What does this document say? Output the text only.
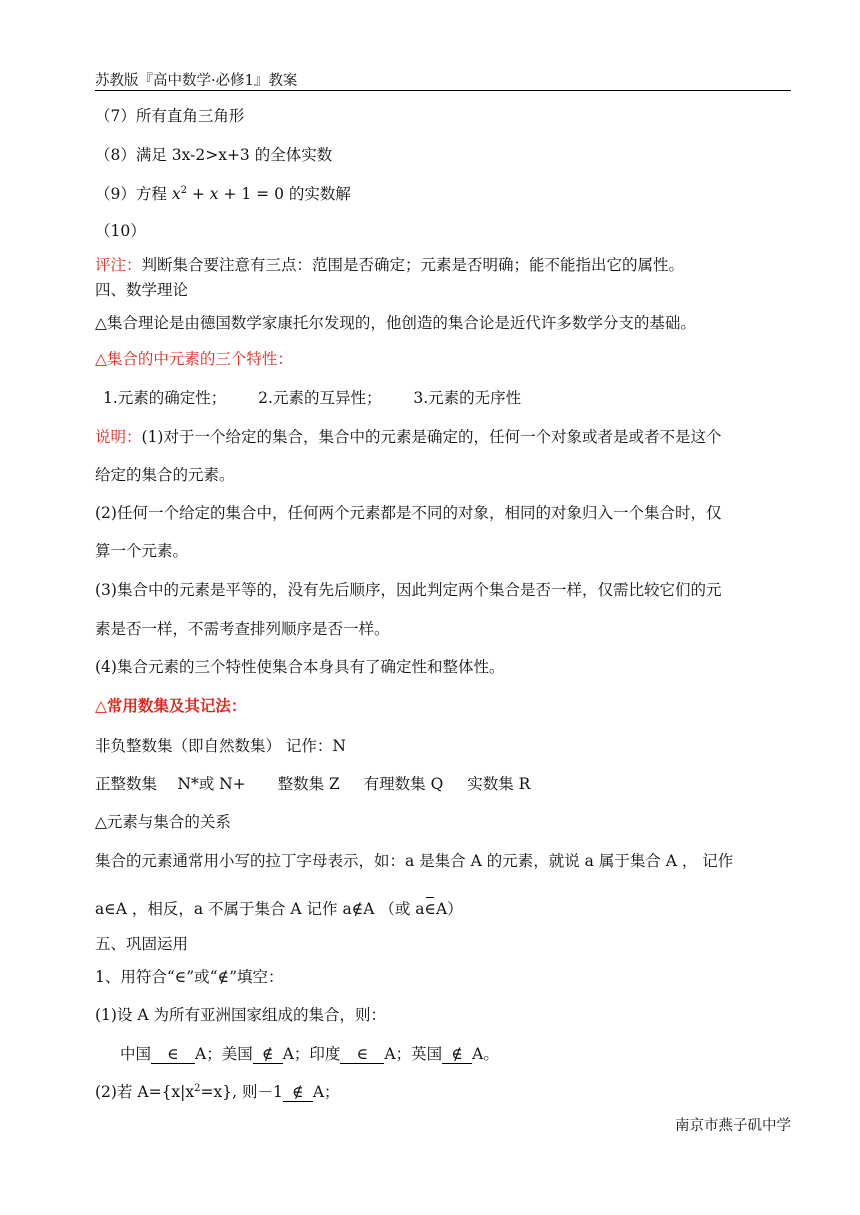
苏教版『高中数学·必修1』教案
（7）所有直角三角形
（8）满足 3x-2>x+3 的全体实数
（9）方程 $x^2 + x + 1 = 0$ 的实数解
（10）
评注：判断集合要注意有三点：范围是否确定；元素是否明确；能不能指出它的属性。
四、数学理论
△集合理论是由德国数学家康托尔发现的，他创造的集合论是近代许多数学分支的基础。
△集合的中元素的三个特性：
1.元素的确定性； 2.元素的互异性； 3.元素的无序性
说明：(1)对于一个给定的集合，集合中的元素是确定的，任何一个对象或者是或者不是这个
给定的集合的元素。
(2)任何一个给定的集合中，任何两个元素都是不同的对象，相同的对象归入一个集合时，仅
算一个元素。
(3)集合中的元素是平等的，没有先后顺序，因此判定两个集合是否一样，仅需比较它们的元
素是否一样，不需考查排列顺序是否一样。
(4)集合元素的三个特性使集合本身具有了确定性和整体性。
△常用数集及其记法：
非负整数集（即自然数集） 记作：N
正整数集　 N*或 N+ 整数集 Z 有理数集 Q 实数集 R
△元素与集合的关系
集合的元素通常用小写的拉丁字母表示，如：a 是集合 A 的元素，就说 a 属于集合 A ， 记作
a∈A ，相反，a 不属于集合 A 记作 a∉A （或 a∈A）
五、巩固运用
1、用符合“∈”或“∉”填空：
(1)设 A 为所有亚洲国家组成的集合，则：
中国 ∈ A；美国 ∉ A；印度 ∈ A；英国 ∉ A。
(2)若 $A=\{x|x^2=x\}$, 则－1 ∉ A；
南京市燕子矶中学
